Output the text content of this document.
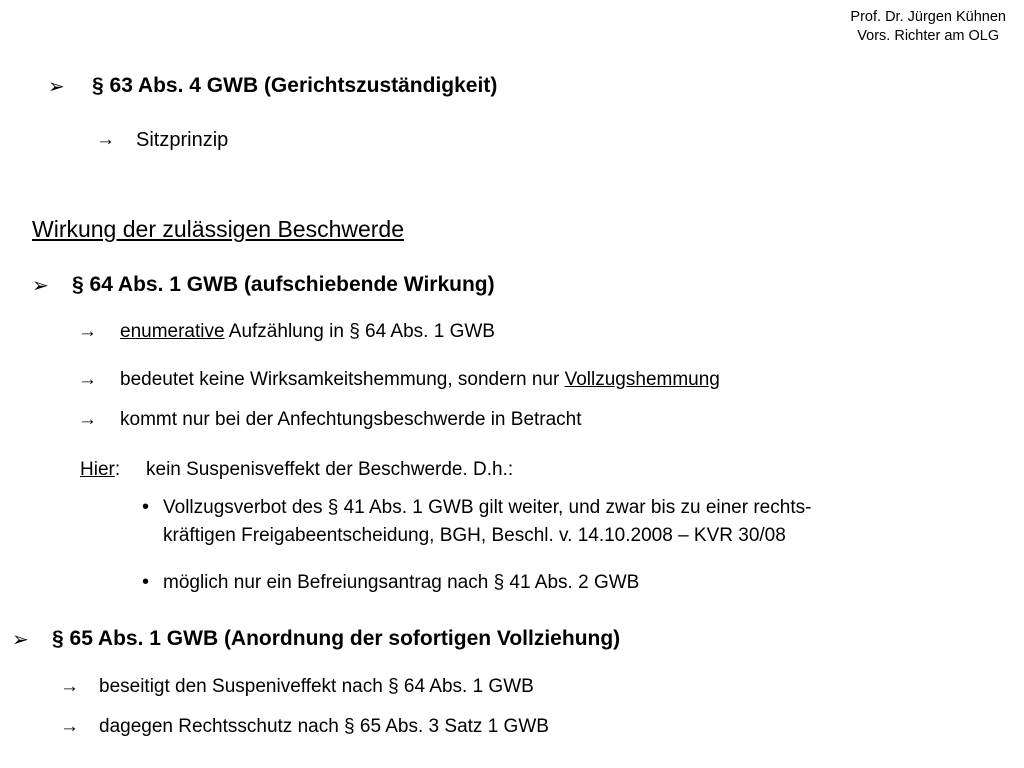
Prof. Dr. Jürgen Kühnen
Vors. Richter am OLG
➢ § 63 Abs. 4 GWB (Gerichtszuständigkeit)
→ Sitzprinzip
Wirkung der zulässigen Beschwerde
➢ § 64 Abs. 1 GWB (aufschiebende Wirkung)
→ enumerative Aufzählung in § 64 Abs. 1 GWB
→ bedeutet keine Wirksamkeitshemmung, sondern nur Vollzugshemmung
→ kommt nur bei der Anfechtungsbeschwerde in Betracht
Hier: kein Suspenisveffekt der Beschwerde. D.h.:
• Vollzugsverbot des § 41 Abs. 1 GWB gilt weiter, und zwar bis zu einer rechts-
kräftigen Freigabeentscheidung, BGH, Beschl. v. 14.10.2008 – KVR 30/08
• möglich nur ein Befreiungsantrag nach § 41 Abs. 2 GWB
➢ § 65 Abs. 1 GWB (Anordnung der sofortigen Vollziehung)
→ beseitigt den Suspeniveffekt nach § 64 Abs. 1 GWB
→ dagegen Rechtsschutz nach § 65 Abs. 3 Satz 1 GWB
